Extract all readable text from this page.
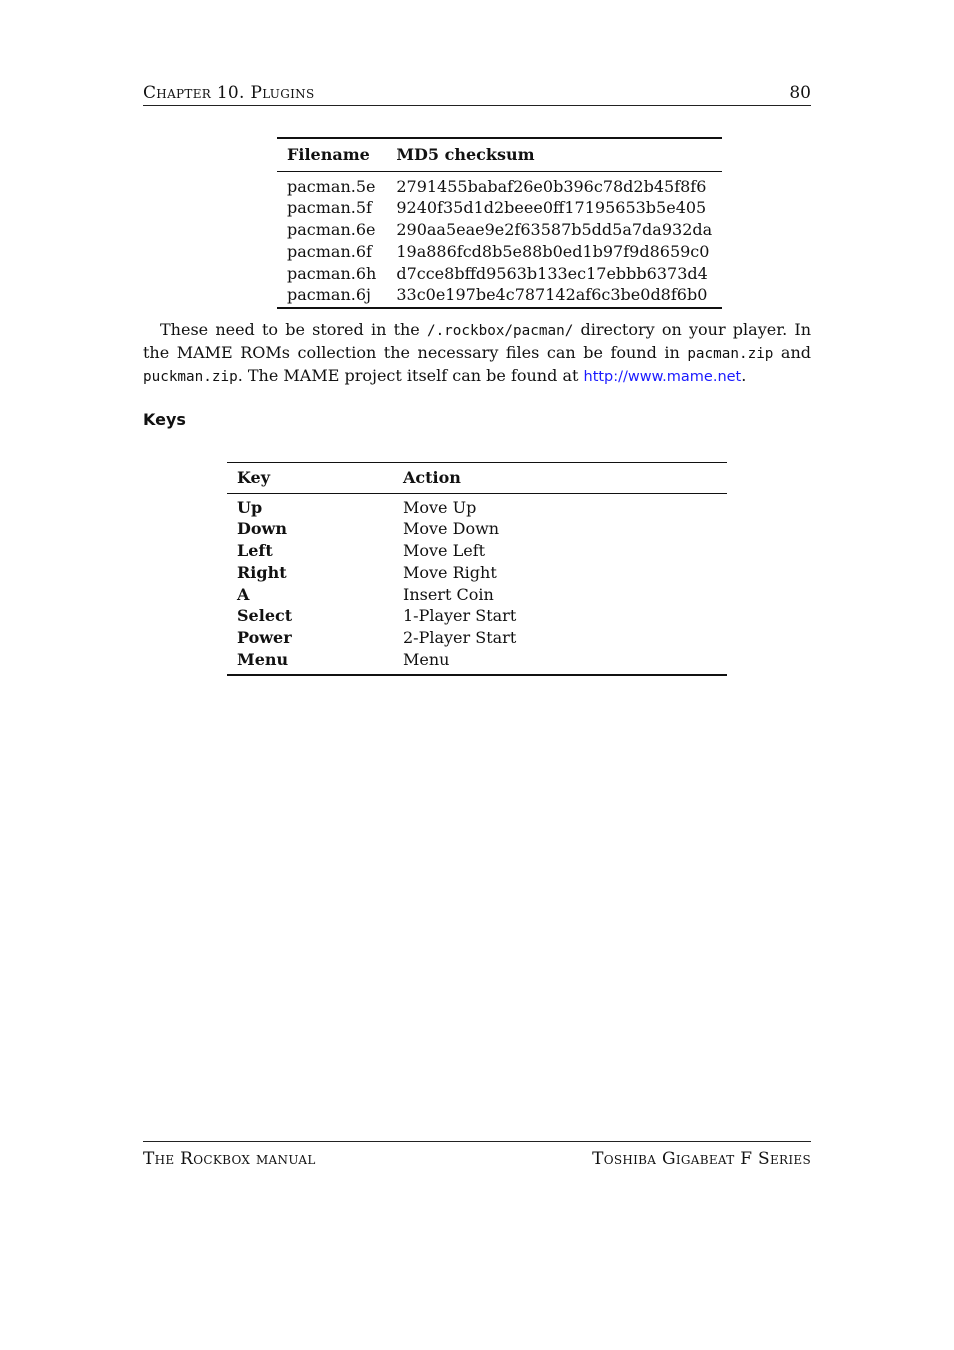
Chapter 10. Plugins	80
Filename	MD5 checksum
pacman.5e	2791455babaf26e0b396c78d2b45f8f6
pacman.5f	9240f35d1d2beee0ff17195653b5e405
pacman.6e	290aa5eae9e2f63587b5dd5a7da932da
pacman.6f	19a886fcd8b5e88b0ed1b97f9d8659c0
pacman.6h	d7cce8bffd9563b133ec17ebbb6373d4
pacman.6j	33c0e197be4c787142af6c3be0d8f6b0

These need to be stored in the /.rockbox/pacman/ directory on your player. In the MAME ROMs collection the necessary files can be found in pacman.zip and puckman.zip. The MAME project itself can be found at http://www.mame.net.

Keys
Key	Action
Up	Move Up
Down	Move Down
Left	Move Left
Right	Move Right
A	Insert Coin
Select	1-Player Start
Power	2-Player Start
Menu	Menu
The Rockbox manual	Toshiba Gigabeat F Series
